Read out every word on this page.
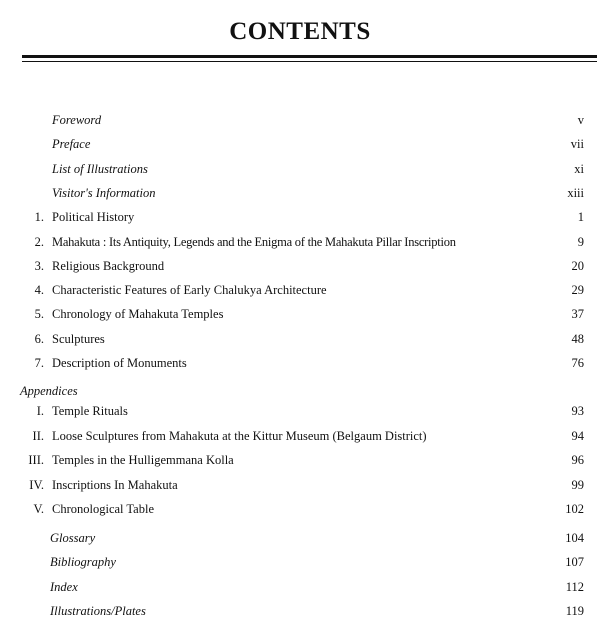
CONTENTS
Foreword	v
Preface	vii
List of Illustrations	xi
Visitor's Information	xiii
1. Political History	1
2. Mahakuta : Its Antiquity, Legends and the Enigma of the Mahakuta Pillar Inscription	9
3. Religious Background	20
4. Characteristic Features of Early Chalukya Architecture	29
5. Chronology of Mahakuta Temples	37
6. Sculptures	48
7. Description of Monuments	76
Appendices
I. Temple Rituals	93
II. Loose Sculptures from Mahakuta at the Kittur Museum (Belgaum District)	94
III. Temples in the Hulligemmana Kolla	96
IV. Inscriptions In Mahakuta	99
V. Chronological Table	102
Glossary	104
Bibliography	107
Index	112
Illustrations/Plates	119
